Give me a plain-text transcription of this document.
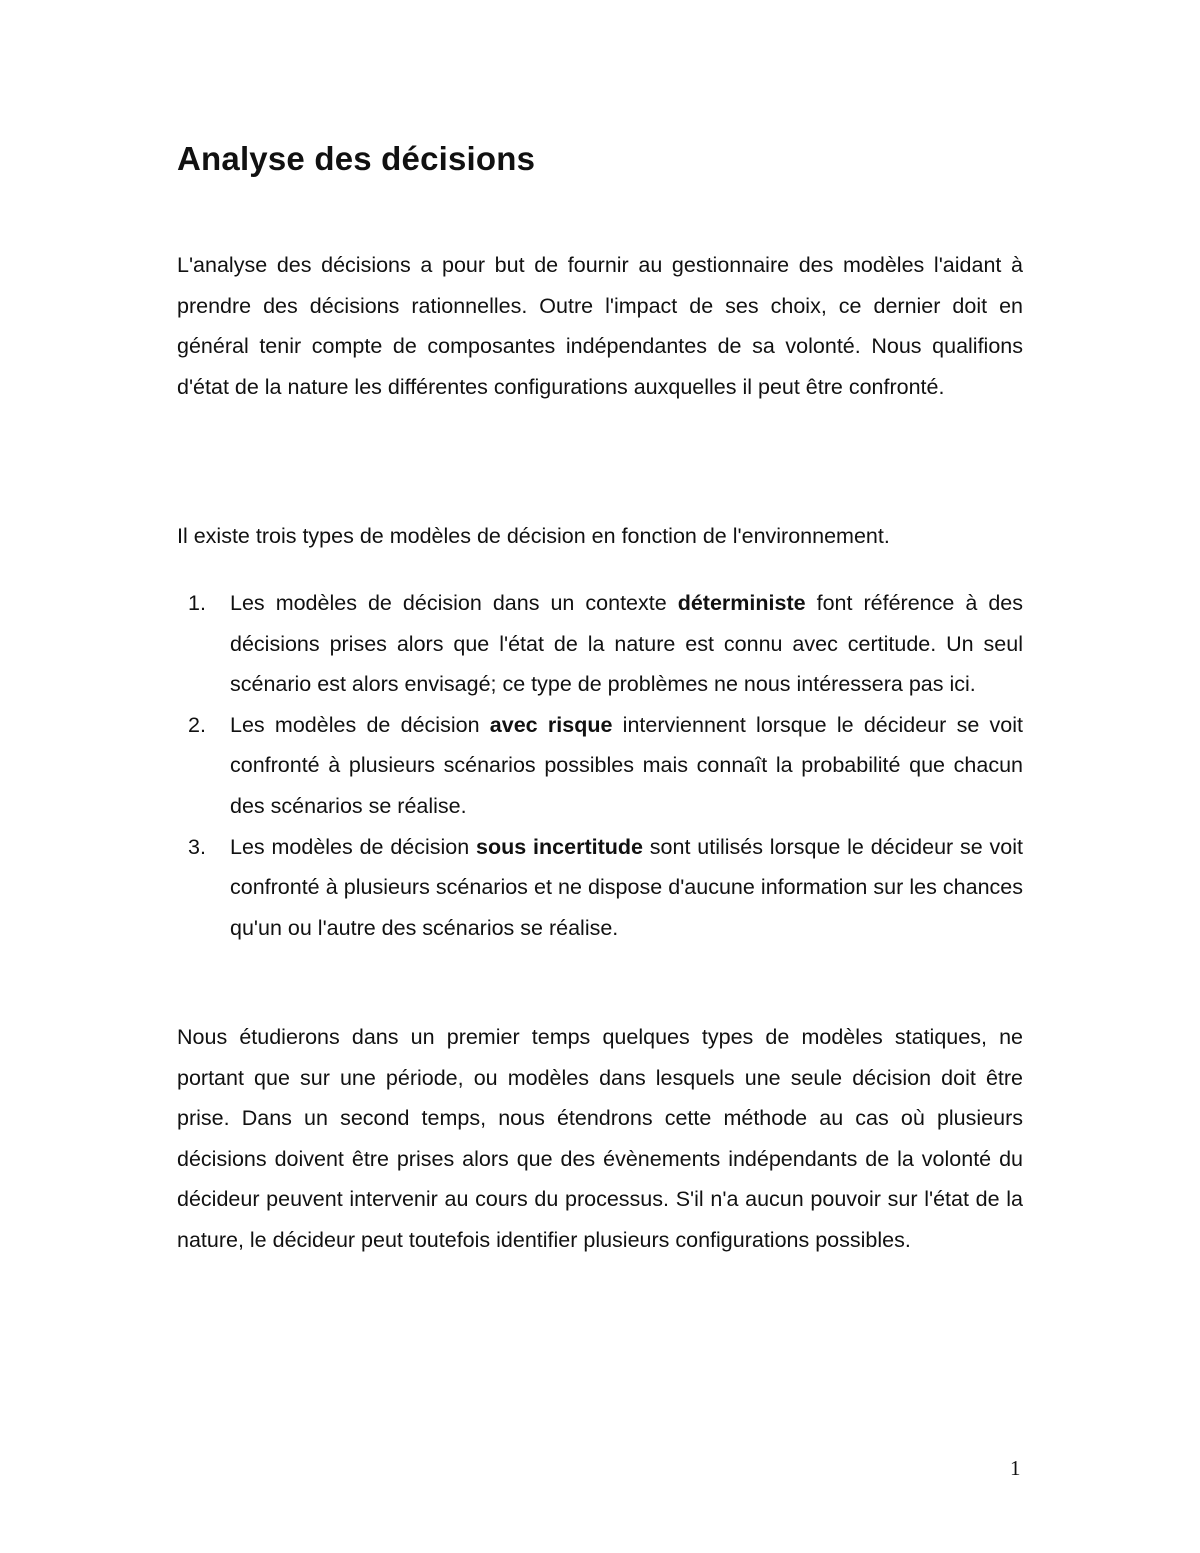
Analyse des décisions

L'analyse des décisions a pour but de fournir au gestionnaire des modèles l'aidant à prendre des décisions rationnelles. Outre l'impact de ses choix, ce dernier doit en général tenir compte de composantes indépendantes de sa volonté. Nous qualifions d'état de la nature les différentes configurations auxquelles il peut être confronté.

Il existe trois types de modèles de décision en fonction de l'environnement.

1. Les modèles de décision dans un contexte déterministe font référence à des décisions prises alors que l'état de la nature est connu avec certitude. Un seul scénario est alors envisagé; ce type de problèmes ne nous intéressera pas ici.
2. Les modèles de décision avec risque interviennent lorsque le décideur se voit confronté à plusieurs scénarios possibles mais connaît la probabilité que chacun des scénarios se réalise.
3. Les modèles de décision sous incertitude sont utilisés lorsque le décideur se voit confronté à plusieurs scénarios et ne dispose d'aucune information sur les chances qu'un ou l'autre des scénarios se réalise.

Nous étudierons dans un premier temps quelques types de modèles statiques, ne portant que sur une période, ou modèles dans lesquels une seule décision doit être prise. Dans un second temps, nous étendrons cette méthode au cas où plusieurs décisions doivent être prises alors que des évènements indépendants de la volonté du décideur peuvent intervenir au cours du processus. S'il n'a aucun pouvoir sur l'état de la nature, le décideur peut toutefois identifier plusieurs configurations possibles.

1
